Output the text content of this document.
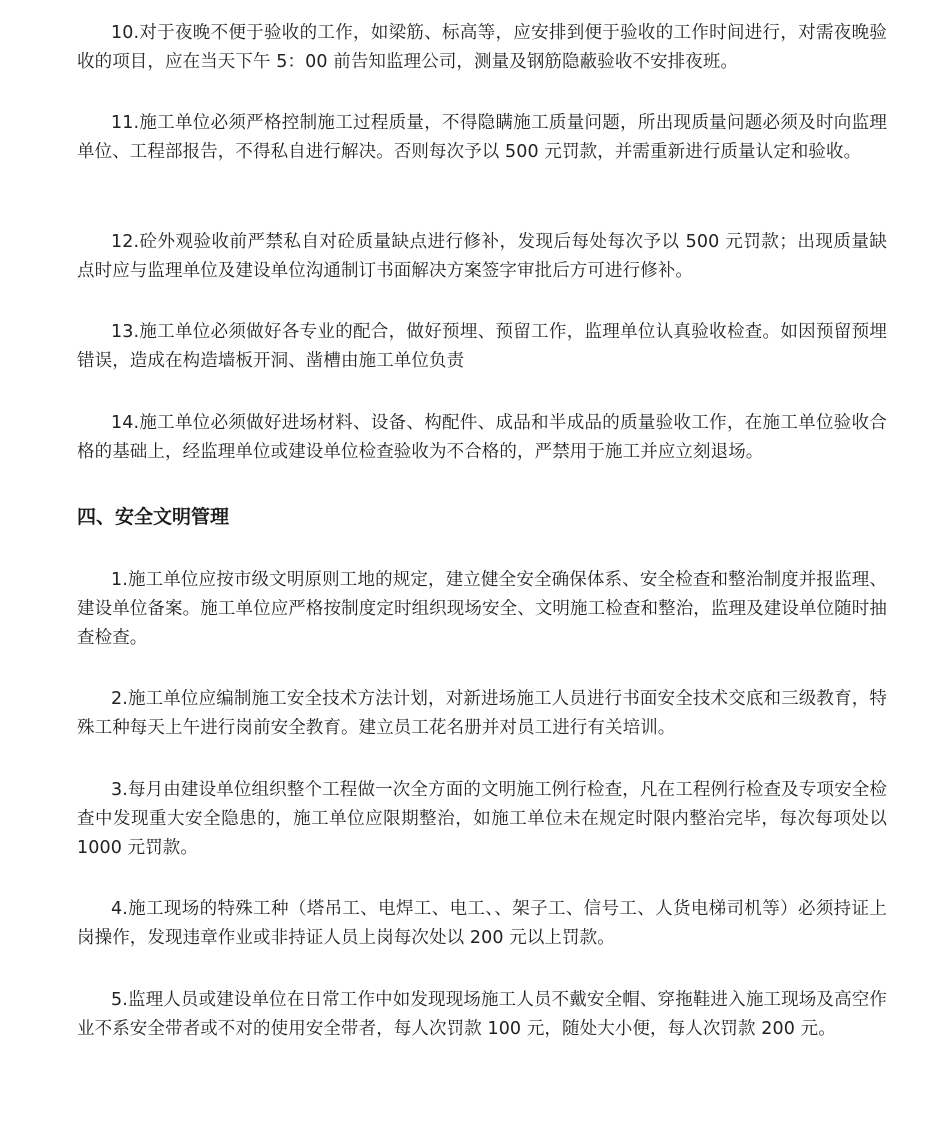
10.对于夜晚不便于验收的工作，如梁筋、标高等，应安排到便于验收的工作时间进行，对需夜晚验收的项目，应在当天下午 5：00 前告知监理公司，测量及钢筋隐蔽验收不安排夜班。

11.施工单位必须严格控制施工过程质量，不得隐瞒施工质量问题，所出现质量问题必须及时向监理单位、工程部报告，不得私自进行解决。否则每次予以 500 元罚款，并需重新进行质量认定和验收。

12.砼外观验收前严禁私自对砼质量缺点进行修补，发现后每处每次予以 500 元罚款；出现质量缺点时应与监理单位及建设单位沟通制订书面解决方案签字审批后方可进行修补。

13.施工单位必须做好各专业的配合，做好预埋、预留工作，监理单位认真验收检查。如因预留预埋错误，造成在构造墙板开洞、凿槽由施工单位负责

14.施工单位必须做好进场材料、设备、构配件、成品和半成品的质量验收工作，在施工单位验收合格的基础上，经监理单位或建设单位检查验收为不合格的，严禁用于施工并应立刻退场。

四、安全文明管理

1.施工单位应按市级文明原则工地的规定，建立健全安全确保体系、安全检查和整治制度并报监理、建设单位备案。施工单位应严格按制度定时组织现场安全、文明施工检查和整治，监理及建设单位随时抽查检查。

2.施工单位应编制施工安全技术方法计划，对新进场施工人员进行书面安全技术交底和三级教育，特殊工种每天上午进行岗前安全教育。建立员工花名册并对员工进行有关培训。

3.每月由建设单位组织整个工程做一次全方面的文明施工例行检查，凡在工程例行检查及专项安全检查中发现重大安全隐患的，施工单位应限期整治，如施工单位未在规定时限内整治完毕，每次每项处以 1000 元罚款。

4.施工现场的特殊工种（塔吊工、电焊工、电工、、架子工、信号工、人货电梯司机等）必须持证上岗操作，发现违章作业或非持证人员上岗每次处以 200 元以上罚款。

5.监理人员或建设单位在日常工作中如发现现场施工人员不戴安全帽、穿拖鞋进入施工现场及高空作业不系安全带者或不对的使用安全带者，每人次罚款 100 元，随处大小便，每人次罚款 200 元。
